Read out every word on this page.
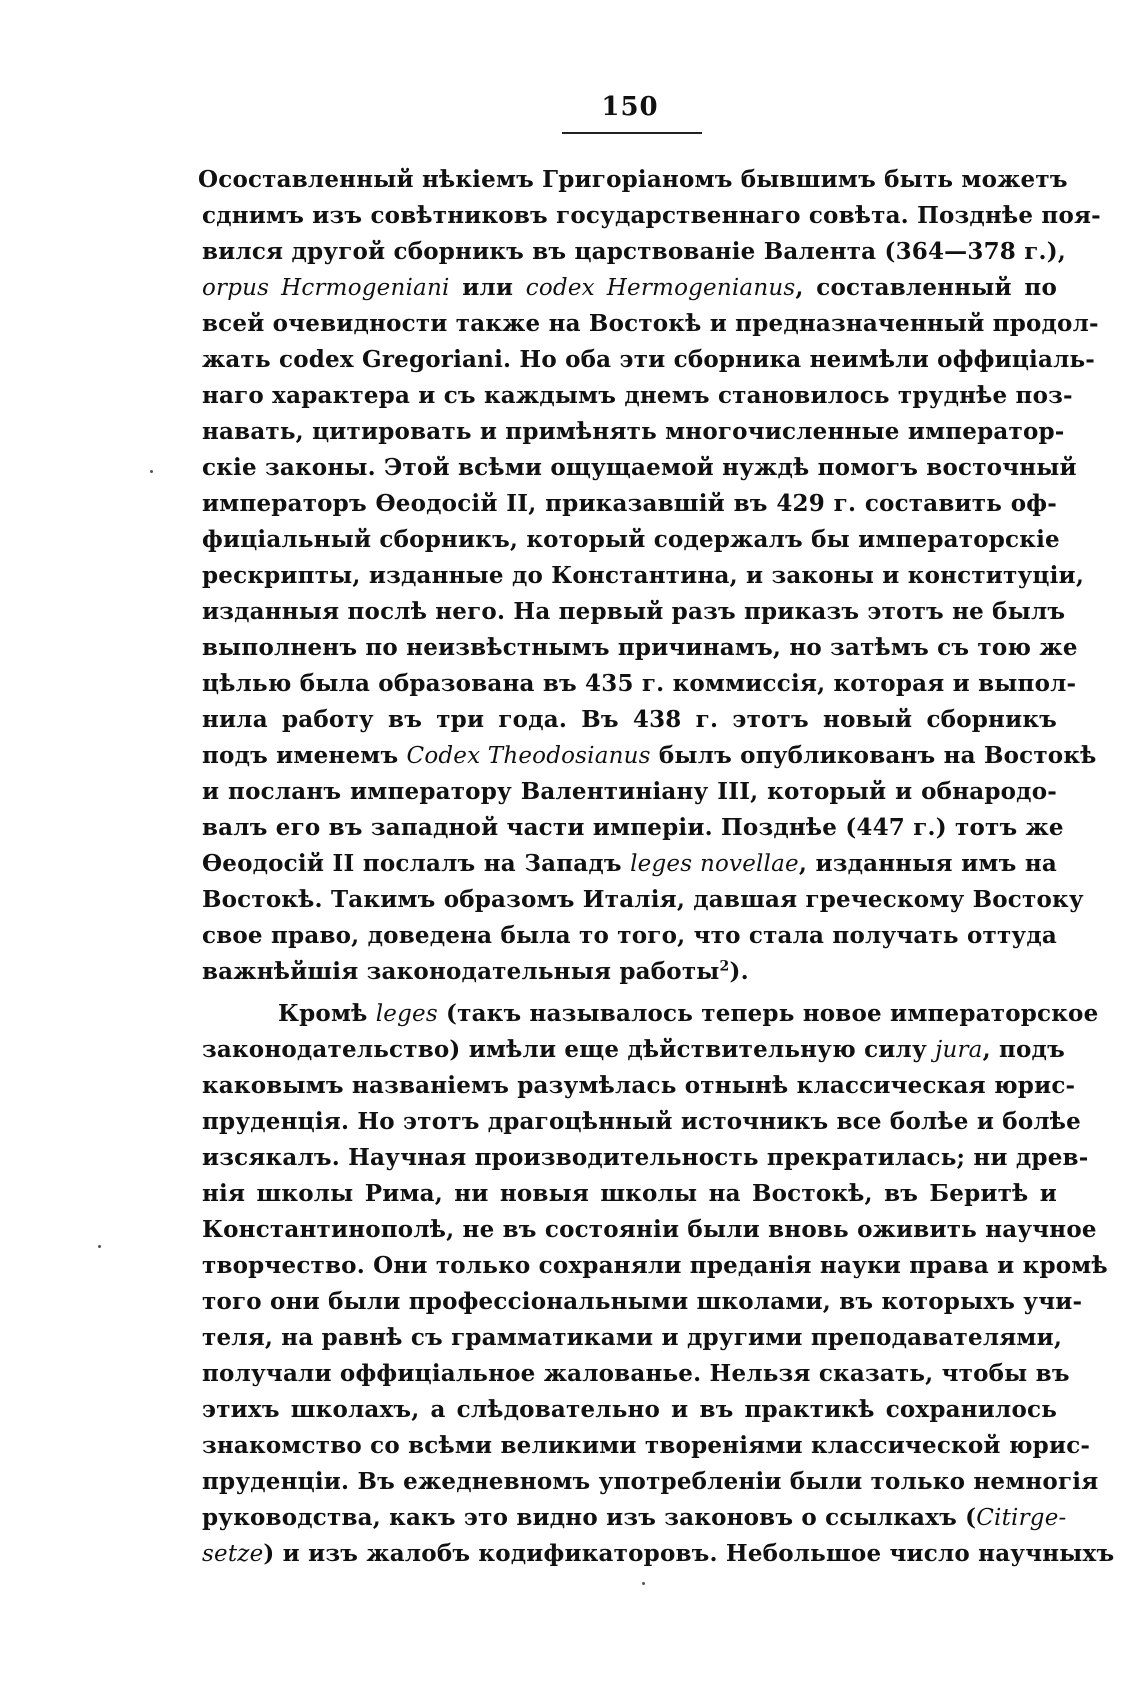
150
Oсоставленный нѣкіемъ Григоріаномъ бывшимъ быть можетъ
сднимъ изъ совѣтниковъ государственнаго совѣта. Позднѣе поя-
вился другой сборникъ въ царствованіе Валента (364—378 г.),
orpus Hcrmogeniani или codex Hermogenianus, составленный по
всей очевидности также на Востокѣ и предназначенный продол-
жать codex Gregoriani. Но оба эти сборника неимѣли оффиціаль-
наго характера и съ каждымъ днемъ становилось труднѣе поз-
навать, цитировать и примѣнять многочисленные император-
скіе законы. Этой всѣми ощущаемой нуждѣ помогъ восточный
императоръ Ѳеодосій II, приказавшій въ 429 г. составить оф-
фиціальный сборникъ, который содержалъ бы императорскіе
рескрипты, изданные до Константина, и законы и конституціи,
изданныя послѣ него. На первый разъ приказъ этотъ не былъ
выполненъ по неизвѣстнымъ причинамъ, но затѣмъ съ тою же
цѣлью была образована въ 435 г. коммиссія, которая и выпол-
нила работу въ три года. Въ 438 г. этотъ новый сборникъ
подъ именемъ Codex Theodosianus былъ опубликованъ на Востокѣ
и посланъ императору Валентиніану III, который и обнародо-
валъ его въ западной части имперіи. Позднѣе (447 г.) тотъ же
Ѳеодосій II послалъ на Западъ leges novellae, изданныя имъ на
Востокѣ. Такимъ образомъ Италія, давшая греческому Востоку
свое право, доведена была то того, что стала получать оттуда
важнѣйшія законодательныя работы$^2$).
Кромѣ leges (такъ называлось теперь новое императорское
законодательство) имѣли еще дѣйствительную силу jura, подъ
каковымъ названіемъ разумѣлась отнынѣ классическая юрис-
пруденція. Но этотъ драгоцѣнный источникъ все болѣе и болѣе
изсякалъ. Научная производительность прекратилась; ни древ-
нія школы Рима, ни новыя школы на Востокѣ, въ Беритѣ и
Константинополѣ, не въ состояніи были вновь оживить научное
творчество. Они только сохраняли преданія науки права и кромѣ
того они были профессіональными школами, въ которыхъ учи-
теля, на равнѣ съ грамматиками и другими преподавателями,
получали оффиціальное жалованье. Нельзя сказать, чтобы въ
этихъ школахъ, а слѣдовательно и въ практикѣ сохранилось
знакомство со всѣми великими твореніями классической юрис-
пруденціи. Въ ежедневномъ употребленіи были только немногія
руководства, какъ это видно изъ законовъ о ссылкахъ (Citirge-
setze) и изъ жалобъ кодификаторовъ. Небольшое число научныхъ
